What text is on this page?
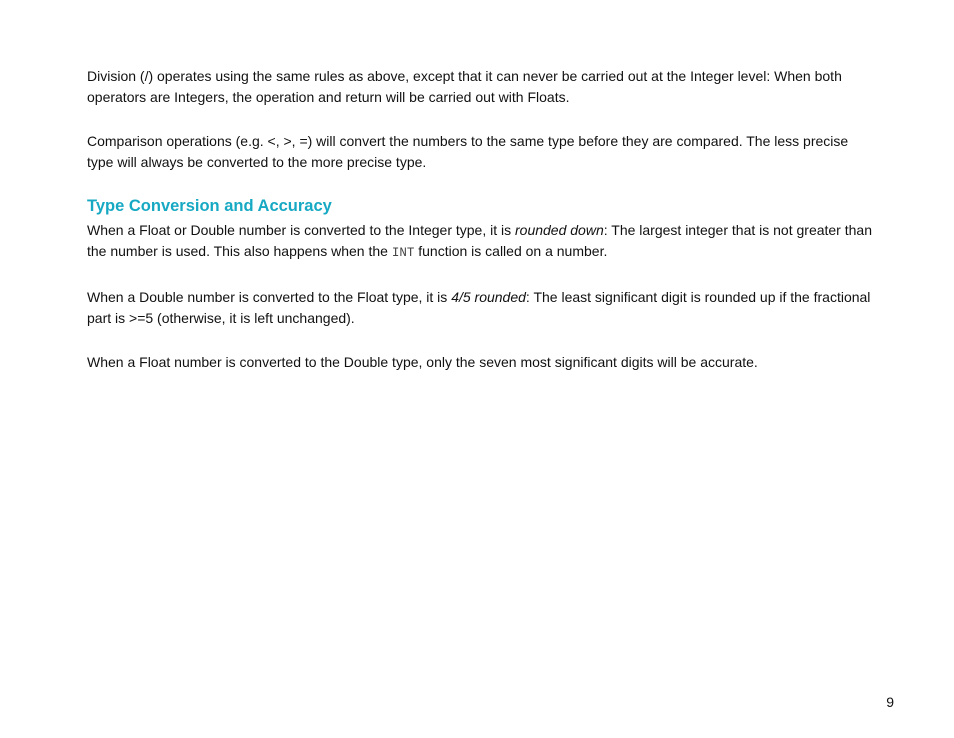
Division (/) operates using the same rules as above, except that it can never be carried out at the Integer level: When both operators are Integers, the operation and return will be carried out with Floats.

Comparison operations (e.g. <, >, =) will convert the numbers to the same type before they are compared. The less precise type will always be converted to the more precise type.

Type Conversion and Accuracy

When a Float or Double number is converted to the Integer type, it is rounded down: The largest integer that is not greater than the number is used. This also happens when the INT function is called on a number.

When a Double number is converted to the Float type, it is 4/5 rounded: The least significant digit is rounded up if the fractional part is >=5 (otherwise, it is left unchanged).

When a Float number is converted to the Double type, only the seven most significant digits will be accurate.

9
